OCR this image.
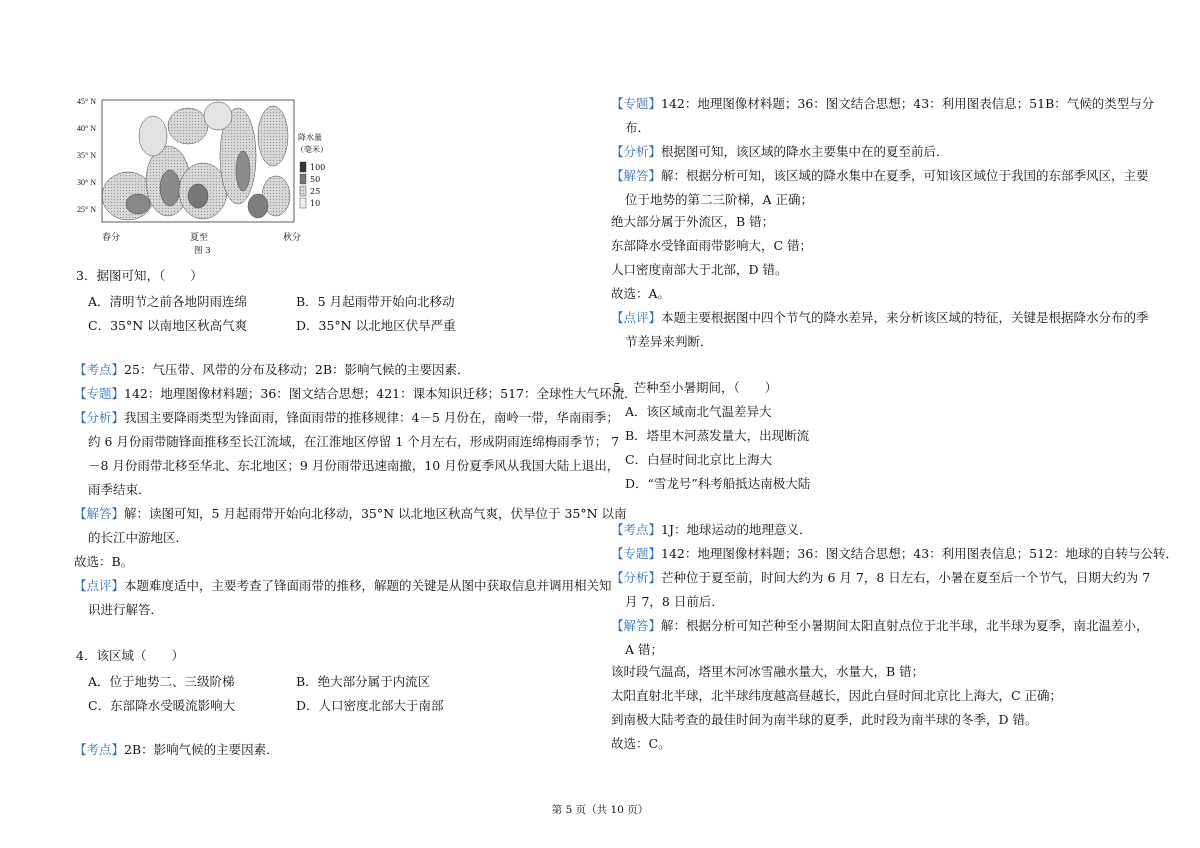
45° N
40° N
35° N
30° N
25° N
春分	夏至	秋分
图 3
降水量
（毫米）
100
50
25
10
3．据图可知，（　　）
A．清明节之前各地阴雨连绵	B．5 月起雨带开始向北移动
C．35°N 以南地区秋高气爽	D．35°N 以北地区伏旱严重
【考点】25：气压带、风带的分布及移动；2B：影响气候的主要因素．
【专题】142：地理图像材料题；36：图文结合思想；421：课本知识迁移；517：全球性大气环流．
【分析】我国主要降雨类型为锋面雨，锋面雨带的推移规律：4－5 月份在，南岭一带，华南雨季；
约 6 月份雨带随锋面推移至长江流域，在江淮地区停留 1 个月左右，形成阴雨连绵梅雨季节； 7
－8 月份雨带北移至华北、东北地区；9 月份雨带迅速南撤，10 月份夏季风从我国大陆上退出，
雨季结束．
【解答】解：读图可知，5 月起雨带开始向北移动，35°N 以北地区秋高气爽，伏旱位于 35°N 以南
的长江中游地区．
故选：B。
【点评】本题难度适中，主要考查了锋面雨带的推移，解题的关键是从图中获取信息并调用相关知
识进行解答．
4．该区域（　　）
A．位于地势二、三级阶梯	B．绝大部分属于内流区
C．东部降水受暖流影响大	D．人口密度北部大于南部
【考点】2B：影响气候的主要因素．
【专题】142：地理图像材料题；36：图文结合思想；43：利用图表信息；51B：气候的类型与分
布．
【分析】根据图可知，该区域的降水主要集中在的夏至前后．
【解答】解：根据分析可知，该区域的降水集中在夏季，可知该区域位于我国的东部季风区，主要
位于地势的第二三阶梯，A 正确；
绝大部分属于外流区，B 错；
东部降水受锋面雨带影响大，C 错；
人口密度南部大于北部，D 错。
故选：A。
【点评】本题主要根据图中四个节气的降水差异，来分析该区域的特征，关键是根据降水分布的季
节差异来判断．
5．芒种至小暑期间，（　　）
A．该区域南北气温差异大
B．塔里木河蒸发量大，出现断流
C．白昼时间北京比上海大
D．“雪龙号”科考船抵达南极大陆
【考点】1J：地球运动的地理意义．
【专题】142：地理图像材料题；36：图文结合思想；43：利用图表信息；512：地球的自转与公转．
【分析】芒种位于夏至前，时间大约为 6 月 7，8 日左右，小暑在夏至后一个节气，日期大约为 7
月 7，8 日前后．
【解答】解：根据分析可知芒种至小暑期间太阳直射点位于北半球，北半球为夏季，南北温差小，
A 错；
该时段气温高，塔里木河冰雪融水量大，水量大，B 错；
太阳直射北半球，北半球纬度越高昼越长，因此白昼时间北京比上海大，C 正确；
到南极大陆考查的最佳时间为南半球的夏季，此时段为南半球的冬季，D 错。
故选：C。
第 5 页（共 10 页）
